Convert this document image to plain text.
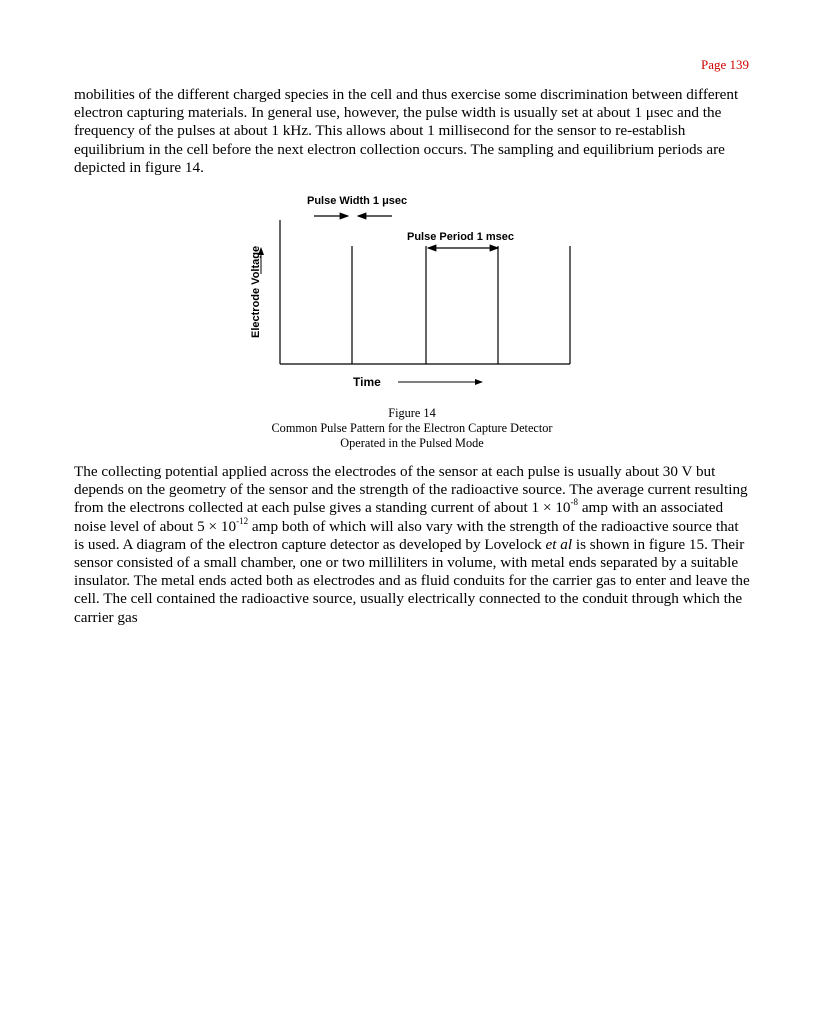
Page 139

mobilities of the different charged species in the cell and thus exercise some discrimination between different electron capturing materials. In general use, however, the pulse width is usually set at about 1 μsec and the frequency of the pulses at about 1 kHz. This allows about 1 millisecond for the sensor to re-establish equilibrium in the cell before the next electron collection occurs. The sampling and equilibrium periods are depicted in figure 14.

Pulse Width 1 μsec
Pulse Period 1 msec
Electrode Voltage
Time
Figure 14
Common Pulse Pattern for the Electron Capture Detector
Operated in the Pulsed Mode

The collecting potential applied across the electrodes of the sensor at each pulse is usually about 30 V but depends on the geometry of the sensor and the strength of the radioactive source. The average current resulting from the electrons collected at each pulse gives a standing current of about $1 \times 10^{-8}$ amp with an associated noise level of about $5 \times 10^{-12}$ amp both of which will also vary with the strength of the radioactive source that is used. A diagram of the electron capture detector as developed by Lovelock et al is shown in figure 15. Their sensor consisted of a small chamber, one or two milliliters in volume, with metal ends separated by a suitable insulator. The metal ends acted both as electrodes and as fluid conduits for the carrier gas to enter and leave the cell. The cell contained the radioactive source, usually electrically connected to the conduit through which the carrier gas
